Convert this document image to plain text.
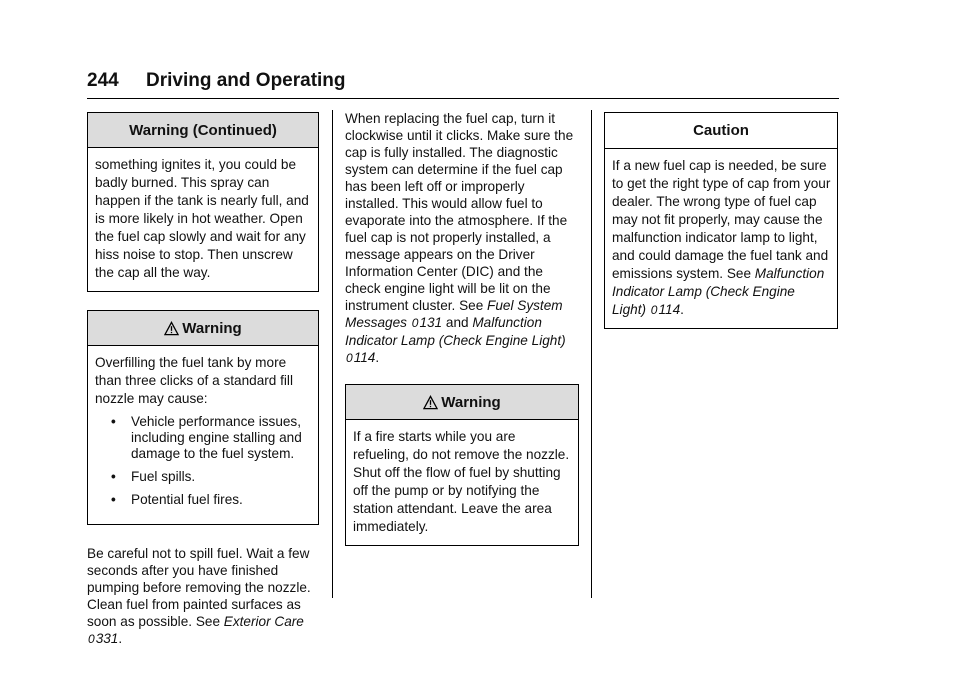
244 Driving and Operating
Warning (Continued)
something ignites it, you could be badly burned. This spray can happen if the tank is nearly full, and is more likely in hot weather. Open the fuel cap slowly and wait for any hiss noise to stop. Then unscrew the cap all the way.
Warning

Overfilling the fuel tank by more than three clicks of a standard fill nozzle may cause:

• Vehicle performance issues, including engine stalling and damage to the fuel system.
• Fuel spills.
• Potential fuel fires.

Be careful not to spill fuel. Wait a few seconds after you have finished pumping before removing the nozzle. Clean fuel from painted surfaces as soon as possible. See Exterior Care 0331.

When replacing the fuel cap, turn it clockwise until it clicks. Make sure the cap is fully installed. The diagnostic system can determine if the fuel cap has been left off or improperly installed. This would allow fuel to evaporate into the atmosphere. If the fuel cap is not properly installed, a message appears on the Driver Information Center (DIC) and the check engine light will be lit on the instrument cluster. See Fuel System Messages 0131 and Malfunction Indicator Lamp (Check Engine Light) 0114.

Warning
If a fire starts while you are refueling, do not remove the nozzle. Shut off the flow of fuel by shutting off the pump or by notifying the station attendant. Leave the area immediately.
Caution
If a new fuel cap is needed, be sure to get the right type of cap from your dealer. The wrong type of fuel cap may not fit properly, may cause the malfunction indicator lamp to light, and could damage the fuel tank and emissions system. See Malfunction Indicator Lamp (Check Engine Light) 0114.
